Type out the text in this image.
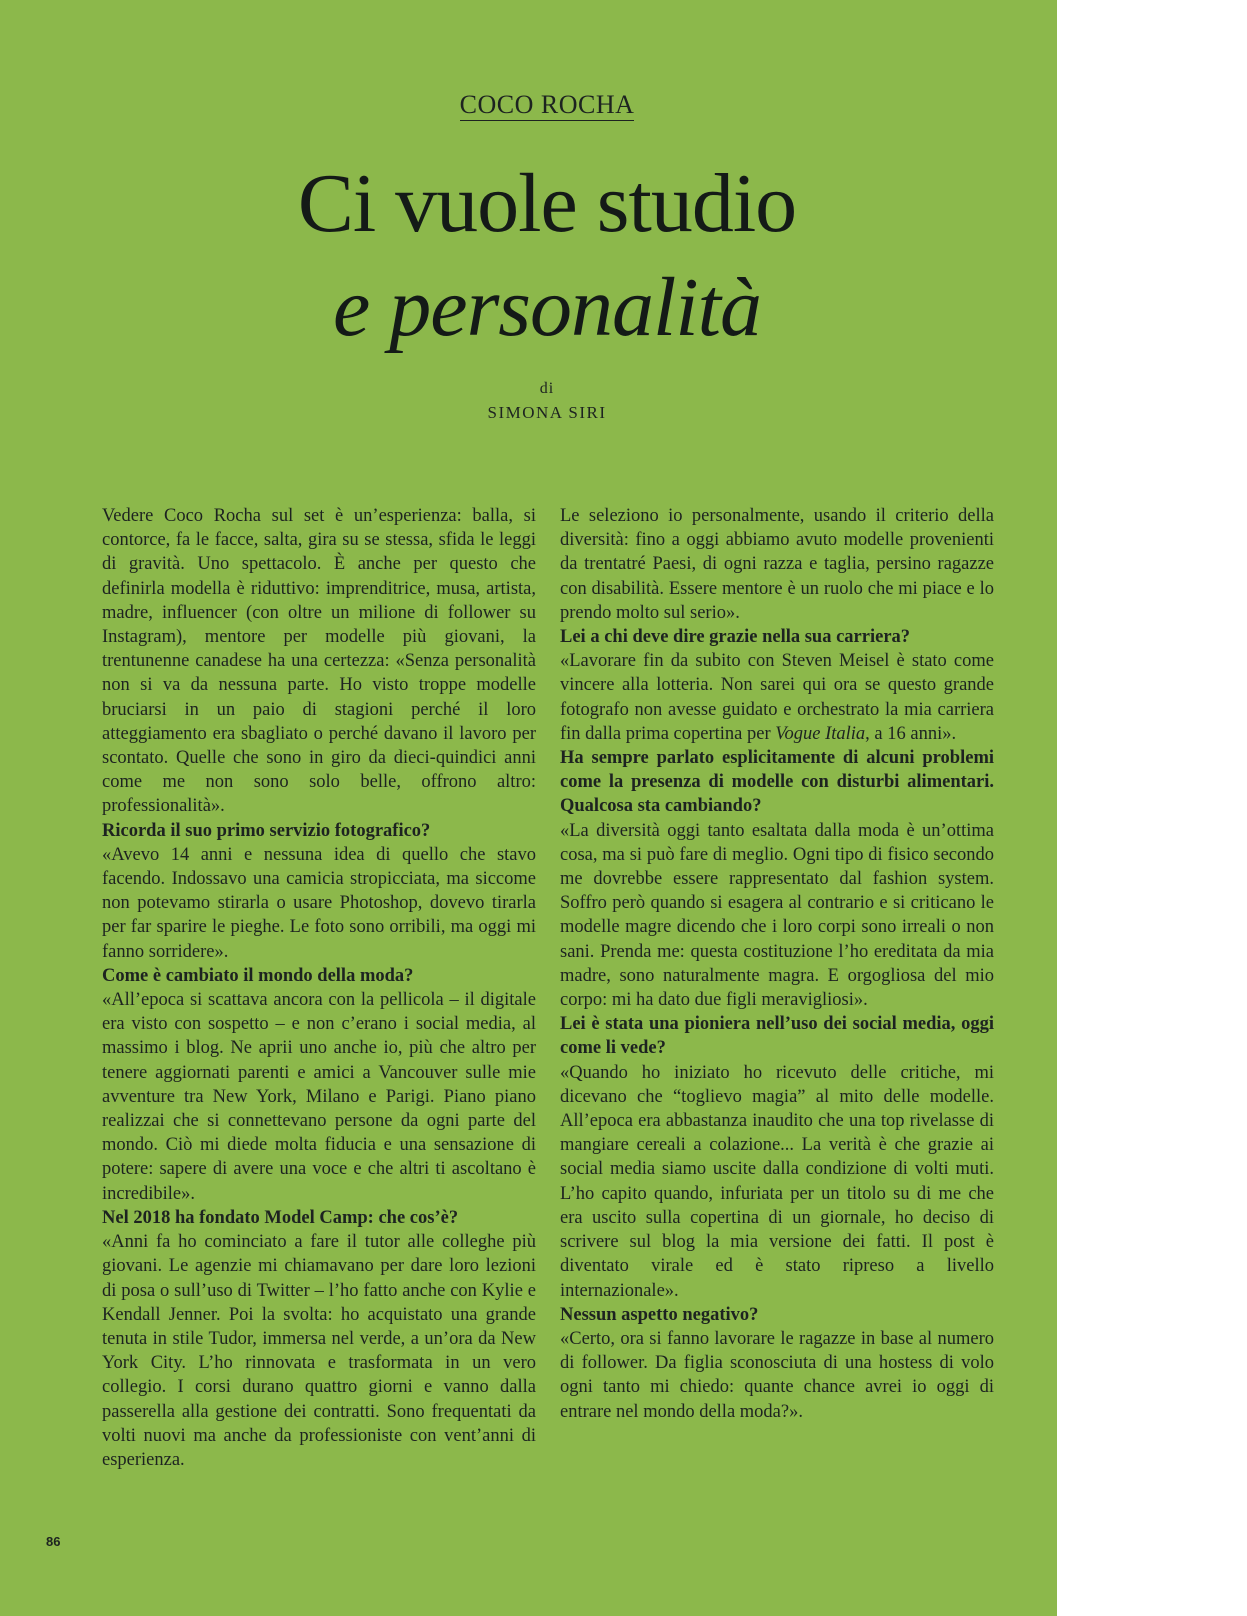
COCO ROCHA
Ci vuole studio
e personalità
di
SIMONA SIRI

Vedere Coco Rocha sul set è un’esperienza: balla, si contorce, fa le facce, salta, gira su se stessa, sfida le leggi di gravità. Uno spettacolo. È anche per questo che definirla modella è riduttivo: imprenditrice, musa, artista, madre, influencer (con oltre un milione di follower su Instagram), mentore per modelle più giovani, la trentunenne canadese ha una certezza: «Senza personalità non si va da nessuna parte. Ho visto troppe modelle bruciarsi in un paio di stagioni perché il loro atteggiamento era sbagliato o perché davano il lavoro per scontato. Quelle che sono in giro da dieci-quindici anni come me non sono solo belle, offrono altro: professionalità».

Ricorda il suo primo servizio fotografico?

«Avevo 14 anni e nessuna idea di quello che stavo facendo. Indossavo una camicia stropicciata, ma siccome non potevamo stirarla o usare Photoshop, dovevo tirarla per far sparire le pieghe. Le foto sono orribili, ma oggi mi fanno sorridere».

Come è cambiato il mondo della moda?

«All’epoca si scattava ancora con la pellicola – il digitale era visto con sospetto – e non c’erano i social media, al massimo i blog. Ne aprii uno anche io, più che altro per tenere aggiornati parenti e amici a Vancouver sulle mie avventure tra New York, Milano e Parigi. Piano piano realizzai che si connettevano persone da ogni parte del mondo. Ciò mi diede molta fiducia e una sensazione di potere: sapere di avere una voce e che altri ti ascoltano è incredibile».

Nel 2018 ha fondato Model Camp: che cos’è?

«Anni fa ho cominciato a fare il tutor alle colleghe più giovani. Le agenzie mi chiamavano per dare loro lezioni di posa o sull’uso di Twitter – l’ho fatto anche con Kylie e Kendall Jenner. Poi la svolta: ho acquistato una grande tenuta in stile Tudor, immersa nel verde, a un’ora da New York City. L’ho rinnovata e trasformata in un vero collegio. I corsi durano quattro giorni e vanno dalla passerella alla gestione dei contratti. Sono frequentati da volti nuovi ma anche da professioniste con vent’anni di esperienza.

Le seleziono io personalmente, usando il criterio della diversità: fino a oggi abbiamo avuto modelle provenienti da trentatré Paesi, di ogni razza e taglia, persino ragazze con disabilità. Essere mentore è un ruolo che mi piace e lo prendo molto sul serio».

Lei a chi deve dire grazie nella sua carriera?

«Lavorare fin da subito con Steven Meisel è stato come vincere alla lotteria. Non sarei qui ora se questo grande fotografo non avesse guidato e orchestrato la mia carriera fin dalla prima copertina per Vogue Italia, a 16 anni».

Ha sempre parlato esplicitamente di alcuni problemi come la presenza di modelle con disturbi alimentari. Qualcosa sta cambiando?

«La diversità oggi tanto esaltata dalla moda è un’ottima cosa, ma si può fare di meglio. Ogni tipo di fisico secondo me dovrebbe essere rappresentato dal fashion system. Soffro però quando si esagera al contrario e si criticano le modelle magre dicendo che i loro corpi sono irreali o non sani. Prenda me: questa costituzione l’ho ereditata da mia madre, sono naturalmente magra. E orgogliosa del mio corpo: mi ha dato due figli meravigliosi».

Lei è stata una pioniera nell’uso dei social media, oggi come li vede?

«Quando ho iniziato ho ricevuto delle critiche, mi dicevano che “toglievo magia” al mito delle modelle. All’epoca era abbastanza inaudito che una top rivelasse di mangiare cereali a colazione... La verità è che grazie ai social media siamo uscite dalla condizione di volti muti. L’ho capito quando, infuriata per un titolo su di me che era uscito sulla copertina di un giornale, ho deciso di scrivere sul blog la mia versione dei fatti. Il post è diventato virale ed è stato ripreso a livello internazionale».

Nessun aspetto negativo?

«Certo, ora si fanno lavorare le ragazze in base al numero di follower. Da figlia sconosciuta di una hostess di volo ogni tanto mi chiedo: quante chance avrei io oggi di entrare nel mondo della moda?».

86
